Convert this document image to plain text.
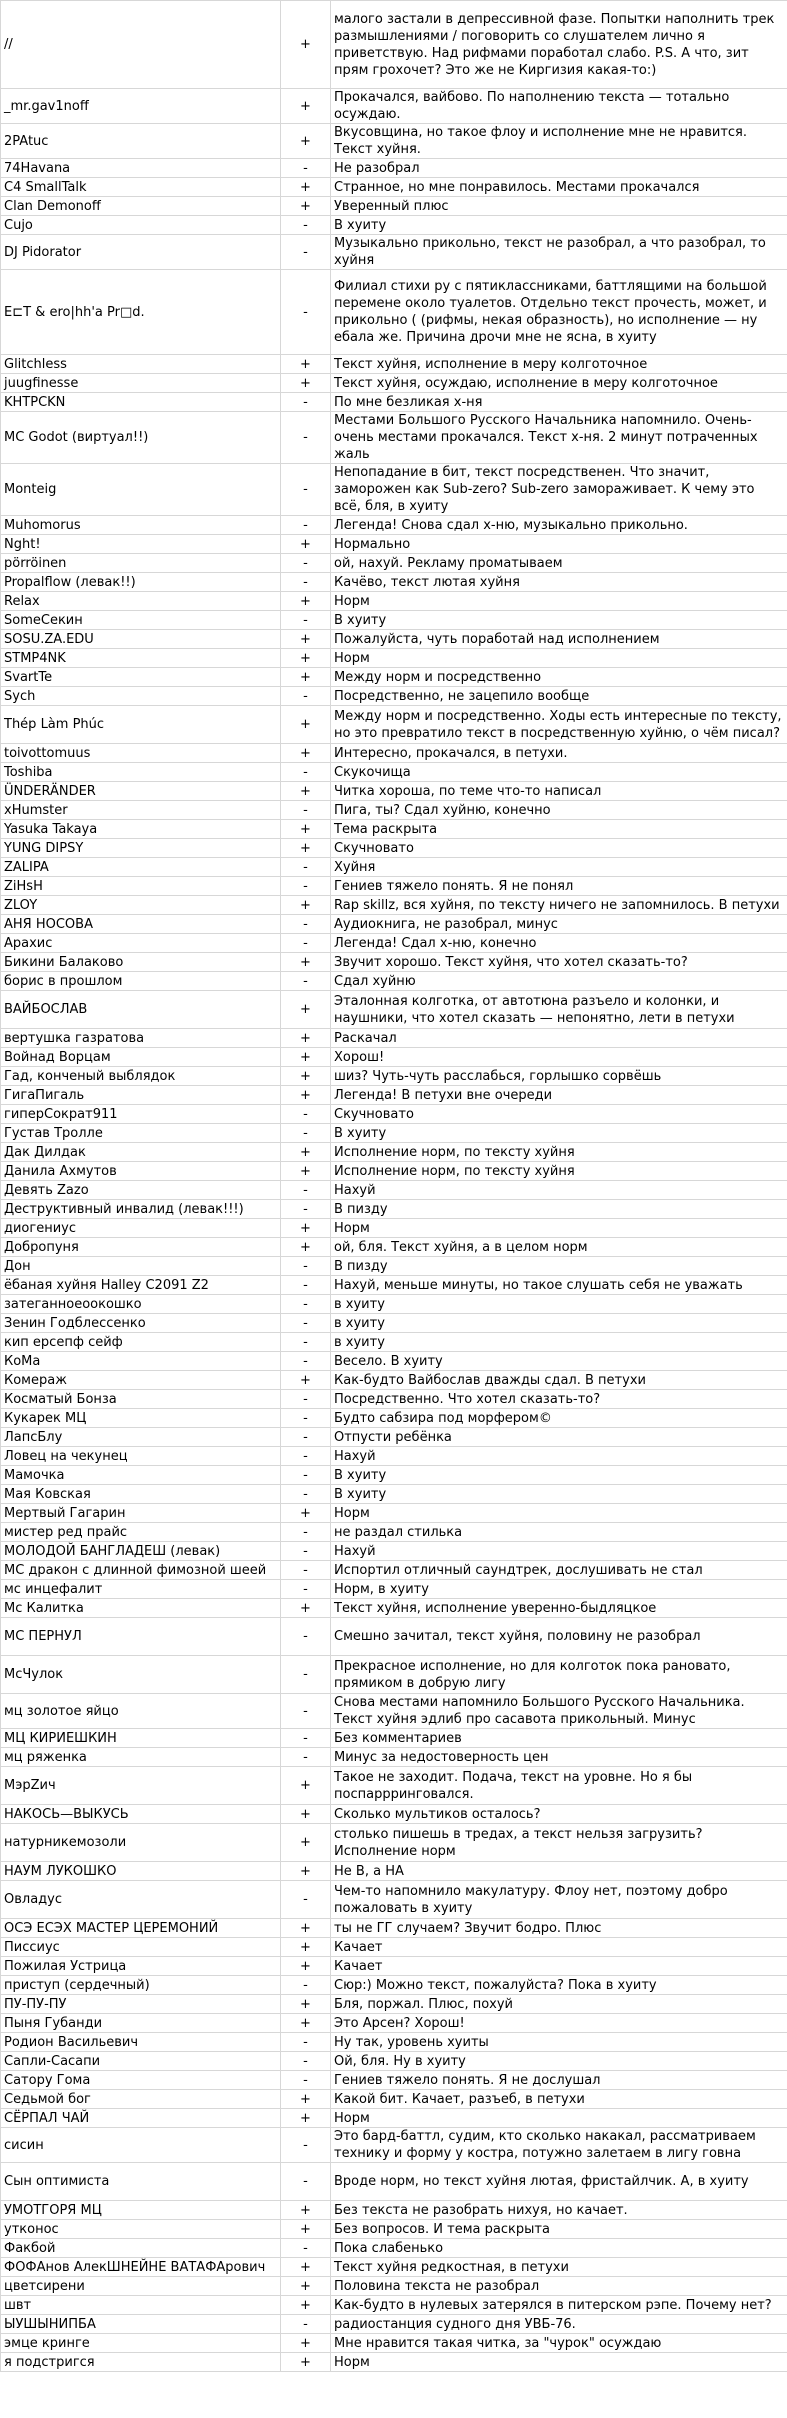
//	+	малого застали в депрессивной фазе. Попытки наполнить трек размышлениями / поговорить со слушателем лично я приветствую. Над рифмами поработал слабо. P.S. А что, зит прям грохочет? Это же не Киргизия какая-то:)
_mr.gav1noff	+	Прокачался, вайбово. По наполнению текста — тотально осуждаю.
2PAtuc	+	Вкусовщина, но такое флоу и исполнение мне не нравится. Текст хуйня.
74Havana	-	Не разобрал
C4 SmallTalk	+	Странное, но мне понравилось. Местами прокачался
Clan Demonoff	+	Уверенный плюс
Cujo	-	В хуиту
DJ Pidorator	-	Музыкально прикольно, текст не разобрал, а что разобрал, то хуйня
E⊏T & ero|hh'a Pr□d.	-	Филиал стихи ру с пятиклассниками, баттлящими на большой перемене около туалетов. Отдельно текст прочесть, может, и прикольно ( (рифмы, некая образность), но исполнение — ну ебала же. Причина дрочи мне не ясна, в хуиту
Glitchless	+	Текст хуйня, исполнение в меру колготочное
juugfinesse	+	Текст хуйня, осуждаю, исполнение в меру колготочное
KHTPCKN	-	По мне безликая х-ня
MC Godot (виртуал!!)	-	Местами Большого Русского Начальника напомнило. Очень-очень местами прокачался. Текст х-ня. 2 минут потраченных жаль
Monteig	-	Непопадание в бит, текст посредственен. Что значит, заморожен как Sub-zero? Sub-zero замораживает. К чему это всё, бля, в хуиту
Muhomorus	-	Легенда! Снова сдал х-ню, музыкально прикольно.
Nght!	+	Нормально
pörröinen	-	ой, нахуй. Рекламу проматываем
Propalflow (левак!!)	-	Качёво, текст лютая хуйня
Relax	+	Норм
SomeСекин	-	В хуиту
SOSU.ZA.EDU	+	Пожалуйста, чуть поработай над исполнением
STMP4NK	+	Норм
SvartTe	+	Между норм и посредственно
Sych	-	Посредственно, не зацепило вообще
Thép Làm Phúc	+	Между норм и посредственно. Ходы есть интересные по тексту, но это превратило текст в посредственную хуйню, о чём писал?
toivottomuus	+	Интересно, прокачался, в петухи.
Toshiba	-	Скукочища
ÜNDERÄNDER	+	Читка хороша, по теме что-то написал
xHumster	-	Пига, ты? Сдал хуйню, конечно
Yasuka Takaya	+	Тема раскрыта
YUNG DIPSY	+	Скучновато
ZALIPA	-	Хуйня
ZiHsH	-	Гениев тяжело понять. Я не понял
ZLOY	+	Rap skillz, вся хуйня, по тексту ничего не запомнилось. В петухи
АНЯ НОСОВА	-	Аудиокнига, не разобрал, минус
Арахис	-	Легенда! Сдал х-ню, конечно
Бикини Балаково	+	Звучит хорошо. Текст хуйня, что хотел сказать-то?
борис в прошлом	-	Сдал хуйню
ВАЙБОСЛАВ	+	Эталонная колготка, от автотюна разъело и колонки, и наушники, что хотел сказать — непонятно, лети в петухи
вертушка газратова	+	Раскачал
Войнад Ворцам	+	Хорош!
Гад, конченый выблядок	+	шиз? Чуть-чуть расслабься, горлышко сорвёшь
ГигаПигаль	+	Легенда! В петухи вне очереди
гиперСократ911	-	Скучновато
Густав Тролле	-	В хуиту
Дак Дилдак	+	Исполнение норм, по тексту хуйня
Данила Ахмутов	+	Исполнение норм, по тексту хуйня
Девять Zazo	-	Нахуй
Деструктивный инвалид (левак!!!)	-	В пизду
диогениус	+	Норм
Добропуня	+	ой, бля. Текст хуйня, а в целом норм
Дон	-	В пизду
ёбаная хуйня Halley C2091 Z2	-	Нахуй, меньше минуты, но такое слушать себя не уважать
затеганноеоокошко	-	в хуиту
Зенин Годблессенко	-	в хуиту
кип ерсепф сейф	-	в хуиту
КоМа	-	Весело. В хуиту
Комераж	+	Как-будто Вайбослав дважды сдал. В петухи
Косматый Бонза	-	Посредственно. Что хотел сказать-то?
Кукарек МЦ	-	Будто сабзира под морфером©
ЛапсБлу	-	Отпусти ребёнка
Ловец на чекунец	-	Нахуй
Мамочка	-	В хуиту
Мая Ковская	-	В хуиту
Мертвый Гагарин	+	Норм
мистер ред прайс	-	не раздал стилька
МОЛОДОЙ БАНГЛАДЕШ (левак)	-	Нахуй
МС дракон с длинной фимозной шеей	-	Испортил отличный саундтрек, дослушивать не стал
мс инцефалит	-	Норм, в хуиту
Мс Калитка	+	Текст хуйня, исполнение уверенно-быдляцкое
МС ПЕРНУЛ	-	Смешно зачитал, текст хуйня, половину не разобрал
МсЧулок	-	Прекрасное исполнение, но для колготок пока рановато, прямиком в добрую лигу
мц золотое яйцо	-	Снова местами напомнило Большого Русского Начальника. Текст хуйня эдлиб про сасавота прикольный. Минус
МЦ КИРИЕШКИН	-	Без комментариев
мц ряженка	-	Минус за недостоверность цен
МэрZич	+	Такое не заходит. Подача, текст на уровне. Но я бы поспаррринговался.
НАКОСЬ—ВЫКУСЬ	+	Сколько мультиков осталось?
натурникемозоли	+	столько пишешь в тредах, а текст нельзя загрузить? Исполнение норм
НАУМ ЛУКОШКО	+	Не В, а НА
Овладус	-	Чем-то напомнило макулатуру. Флоу нет, поэтому добро пожаловать в хуиту
ОСЭ ЕСЭХ МАСТЕР ЦЕРЕМОНИЙ	+	ты не ГГ случаем? Звучит бодро. Плюс
Писсиус	+	Качает
Пожилая Устрица	+	Качает
приступ (сердечный)	-	Сюр:) Можно текст, пожалуйста? Пока в хуиту
ПУ-ПУ-ПУ	+	Бля, поржал. Плюс, похуй
Пыня Губанди	+	Это Арсен? Хорош!
Родион Васильевич	-	Ну так, уровень хуиты
Сапли-Сасапи	-	Ой, бля. Ну в хуиту
Сатору Гома	-	Гениев тяжело понять. Я не дослушал
Седьмой бог	+	Какой бит. Качает, разъеб, в петухи
СЁРПАЛ ЧАЙ	+	Норм
сисин	-	Это бард-баттл, судим, кто сколько накакал, рассматриваем технику и форму у костра, потужно залетаем в лигу говна
Сын оптимиста	-	Вроде норм, но текст хуйня лютая, фристайлчик. А, в хуиту
УМОТГОРЯ МЦ	+	Без текста не разобрать нихуя, но качает.
утконос	+	Без вопросов. И тема раскрыта
Факбой	-	Пока слабенько
ФОФАнов АлекШНЕЙНЕ ВАТАФАрович	+	Текст хуйня редкостная, в петухи
цветсирени	+	Половина текста не разобрал
швт	+	Как-будто в нулевых затерялся в питерском рэпе. Почему нет?
ЫУШЫНИПБА	-	радиостанция судного дня УВБ-76.
эмце кринге	+	Мне нравится такая читка, за "чурок" осуждаю
я подстригся	+	Норм
